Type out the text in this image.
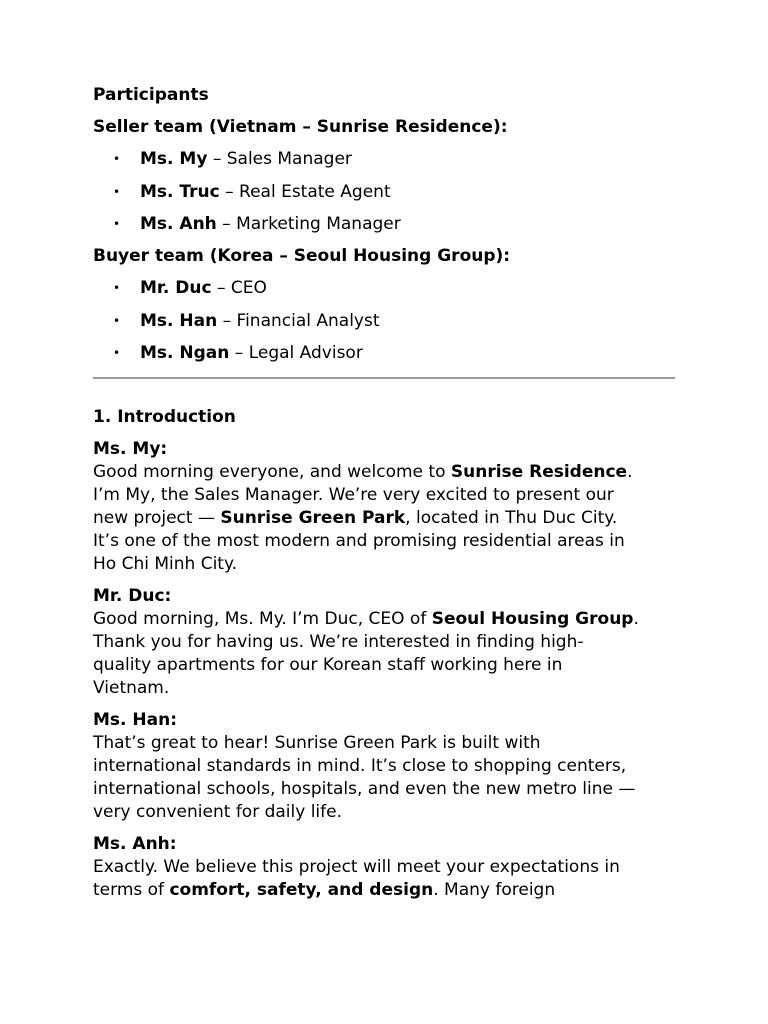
Participants
Seller team (Vietnam – Sunrise Residence):
• Ms. My – Sales Manager
• Ms. Truc – Real Estate Agent
• Ms. Anh – Marketing Manager
Buyer team (Korea – Seoul Housing Group):
• Mr. Duc – CEO
• Ms. Han – Financial Analyst
• Ms. Ngan – Legal Advisor
1. Introduction
Ms. My:
Good morning everyone, and welcome to Sunrise Residence.
I’m My, the Sales Manager. We’re very excited to present our
new project — Sunrise Green Park, located in Thu Duc City.
It’s one of the most modern and promising residential areas in
Ho Chi Minh City.
Mr. Duc:
Good morning, Ms. My. I’m Duc, CEO of Seoul Housing Group.
Thank you for having us. We’re interested in finding high-
quality apartments for our Korean staff working here in
Vietnam.
Ms. Han:
That’s great to hear! Sunrise Green Park is built with
international standards in mind. It’s close to shopping centers,
international schools, hospitals, and even the new metro line —
very convenient for daily life.
Ms. Anh:
Exactly. We believe this project will meet your expectations in
terms of comfort, safety, and design. Many foreign
